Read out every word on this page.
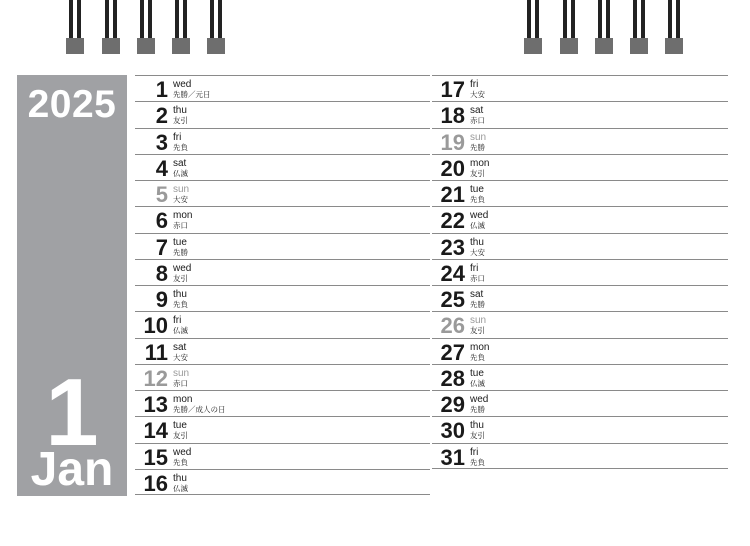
2025
1
Jan
1 wed
先勝／元日
2 thu
友引
3 fri
先負
4 sat
仏滅
5 sun
大安
6 mon
赤口
7 tue
先勝
8 wed
友引
9 thu
先負
10 fri
仏滅
11 sat
大安
12 sun
赤口
13 mon
先勝／成人の日
14 tue
友引
15 wed
先負
16 thu
仏滅
17 fri
大安
18 sat
赤口
19 sun
先勝
20 mon
友引
21 tue
先負
22 wed
仏滅
23 thu
大安
24 fri
赤口
25 sat
先勝
26 sun
友引
27 mon
先負
28 tue
仏滅
29 wed
先勝
30 thu
友引
31 fri
先負
